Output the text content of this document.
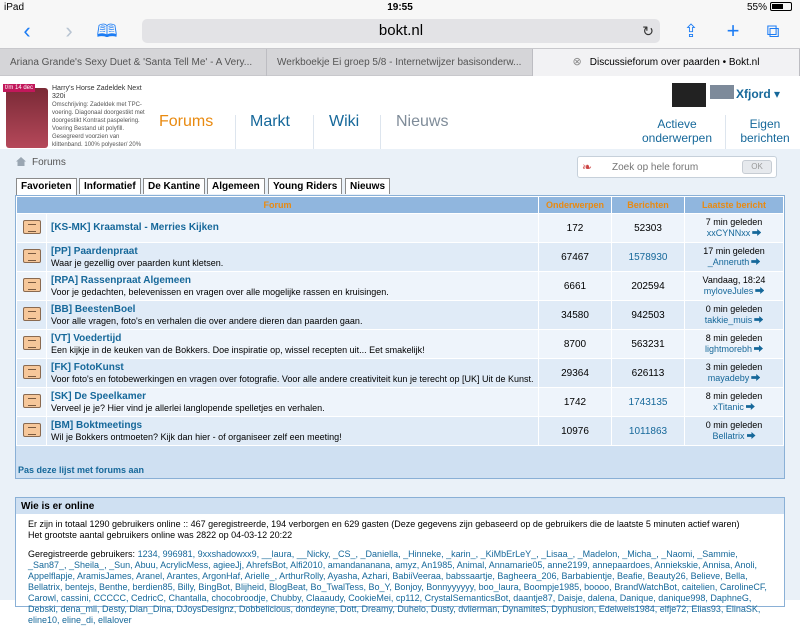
iPad	19:55	55%
‹	›	🕮	bokt.nl	↻	⇪ +	⧉
Ariana Grande's Sexy Duet & 'Santa Tell Me' - A Very...	Werkboekje Ei groep 5/8 - Internetwijzer basisonderw...	⊗ Discussieforum over paarden • Bokt.nl
t/m 14 dec	Harry's Horse Zadeldek Next 320i
Omschrijving: Zadeldek met TPC-voering. Diagonaal doorgestikt met doorgestikt Kontrast paspelering. Voering Bestand uit polyfill. Gesegreerd voorzien van klittenband. 100% polyester/ 20%
Forums Markt Wiki Nieuws
Xfjord ▾
Actieve onderwerpen
Eigen berichten
Forums	❧
Zoek op hele forum	OK
Favorieten	Informatief	De Kantine	Algemeen	Young Riders	Nieuws
Forum		Onderwerpen	Berichten	Laatste bericht

	[KS-MK] Kraamstal - Merries Kijken	172	52303	7 min geleden
xxCYNNxx

	[PP] Paardenpraat
Waar je gezellig over paarden kunt kletsen.	67467	1578930	17 min geleden
_Anneruth

	[RPA] Rassenpraat Algemeen
Voor je gedachten, belevenissen en vragen over alle mogelijke rassen en kruisingen.	6661	202594	Vandaag, 18:24
myloveJules

	[BB] BeestenBoel
Voor alle vragen, foto's en verhalen die over andere dieren dan paarden gaan.	34580	942503	0 min geleden
takkie_muis

	[VT] Voedertijd
Een kijkje in de keuken van de Bokkers. Doe inspiratie op, wissel recepten uit... Eet smakelijk!	8700	563231	8 min geleden
lightmorebh

	[FK] FotoKunst
Voor foto's en fotobewerkingen en vragen over fotografie. Voor alle andere creativiteit kun je terecht op [UK] Uit de Kunst.	29364	626113	3 min geleden
mayadeby

	[SK] De Speelkamer
Verveel je je? Hier vind je allerlei langlopende spelletjes en verhalen.	1742	1743135	8 min geleden
xTitanic

	[BM] Boktmeetings
Wil je Bokkers ontmoeten? Kijk dan hier - of organiseer zelf een meeting!	10976	1011863	0 min geleden
Bellatrix
Pas deze lijst met forums aan
Wie is er online
Er zijn in totaal 1290 gebruikers online :: 467 geregistreerde, 194 verborgen en 629 gasten (Deze gegevens zijn gebaseerd op de gebruikers die de laatste 5 minuten actief waren)
Het grootste aantal gebruikers online was 2822 op 04-03-12 20:22
Geregistreerde gebruikers: 1234, 996981, 9xxshadowxx9, __laura, __Nicky, _CS_, _Daniella, _Hinneke, _karin_, _KiMbErLeY_, _Lisaa_, _Madelon, _Micha_, _Naomi, _Sammie, _San87_, _Sheila_, _Sun, Abuu, AcrylicMess, agieeJj, AhrefsBot, Alfi2010, amandananana, amyz, An1985, Animal, Annamarie05, anne2199, annepaardoes, Anniekskie, Annisa, Anoli, Appelflapje, AramisJames, Aranel, Arantes, ArgonHaf, Arielle_, ArthurRolly, Ayasha, Azhari, BabiiVeeraa, babssaartje, Bagheera_206, Barbabientje, Beafie, Beauty26, Believe, Bella, Bellatrix, bentejs, Benthe, berdien85, Billy, BingBot, Blijheid, BlogBeat, Bo_TwalTess, Bo_Y, Bonjoy, Bonnyyyyyy, boo_laura, Boompje1985, boooo, BrandWatchBot, caitelien, CarolineCF, Carowl, cassini, CCCCC, CedricC, Chantalla, chocobroodje, Chubby, Claaaudy, CookieMei, cp112, CrystalSemanticsBot, daantje87, Daisje, dalena, Danique, danique998, DaphneG, Debski, dena_mii, Desty, Dian_Dina, DJoysDesignz, Dobbelicious, dondeyne, Dott, Dreamy, Duhelo, Dusty, dvlierman, DynamiteS, Dyphusion, Edelweis1984, elfje72, Elias93, ElinaSK, eline10, eline_di, ellalover
